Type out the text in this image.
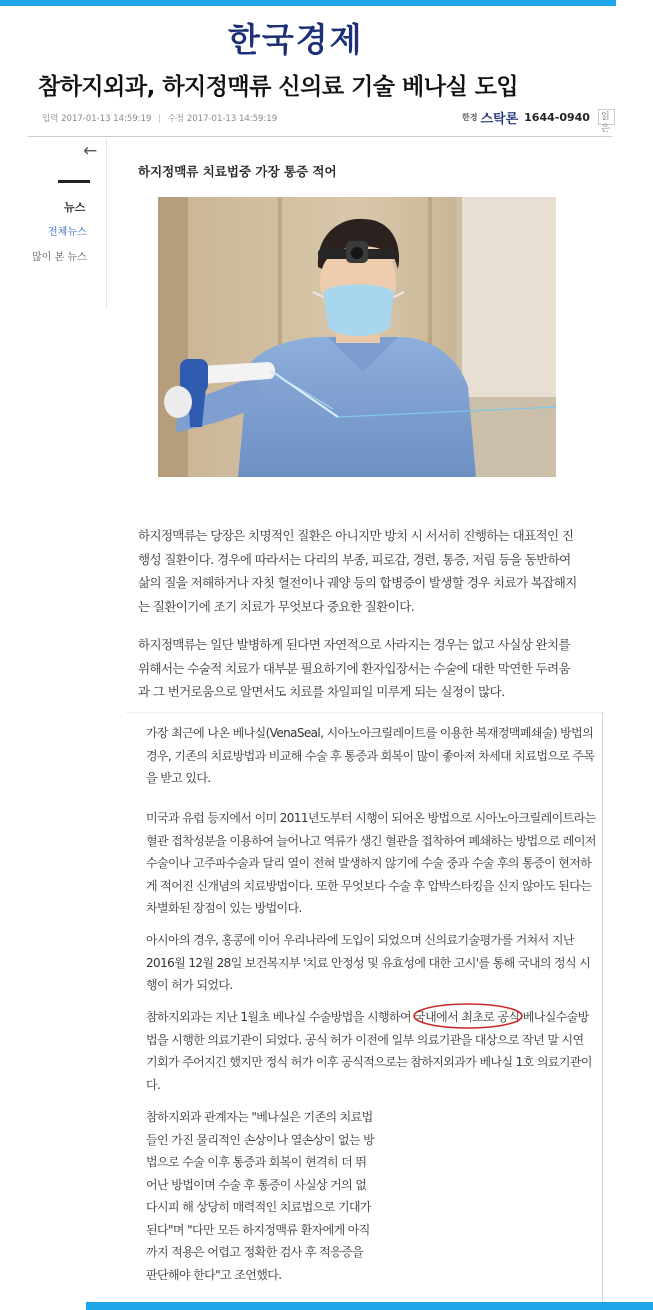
한국경제
참하지외과, 하지정맥류 신의료 기술 베나실 도입
입력 2017-01-13 14:59:19 | 수정 2017-01-13 14:59:19	한경 스탁론 1644-0940	읽은
←
뉴스
전체뉴스
많이 본 뉴스
하지정맥류 치료법중 가장 통증 적어
하지정맥류는 당장은 치명적인 질환은 아니지만 방치 시 서서히 진행하는 대표적인 진행성 질환이다. 경우에 따라서는 다리의 부종, 피로감, 경련, 통증, 저림 등을 동반하여 삶의 질을 저해하거나 자칫 혈전이나 궤양 등의 합병증이 발생할 경우 치료가 복잡해지는 질환이기에 조기 치료가 무엇보다 중요한 질환이다.
하지정맥류는 일단 발병하게 된다면 자연적으로 사라지는 경우는 없고 사실상 완치를 위해서는 수술적 치료가 대부분 필요하기에 환자입장서는 수술에 대한 막연한 두려움과 그 번거로움으로 알면서도 치료를 차일피일 미루게 되는 실정이 많다.
가장 최근에 나온 베나실(VenaSeal, 시아노아크릴레이트를 이용한 복재정맥폐쇄술) 방법의 경우, 기존의 치료방법과 비교해 수술 후 통증과 회복이 많이 좋아져 차세대 치료법으로 주목을 받고 있다.
미국과 유럽 등지에서 이미 2011년도부터 시행이 되어온 방법으로 시아노아크릴레이트라는 혈관 접착성분을 이용하여 늘어나고 역류가 생긴 혈관을 접착하여 폐쇄하는 방법으로 레이저수술이나 고주파수술과 달리 열이 전혀 발생하지 않기에 수술 중과 수술 후의 통증이 현저하게 적어진 신개념의 치료방법이다. 또한 무엇보다 수술 후 압박스타킹을 신지 않아도 된다는 차별화된 장점이 있는 방법이다.
아시아의 경우, 홍콩에 이어 우리나라에 도입이 되었으며 신의료기술평가를 거쳐서 지난 2016월 12월 28일 보건복지부 '치료 안정성 및 유효성에 대한 고시'를 통해 국내의 정식 시행이 허가 되었다.
참하지외과는 지난 1월초 베나실 수술방법을 시행하여 국내에서 최초로 공식 베나실수술방법을 시행한 의료기관이 되었다. 공식 허가 이전에 일부 의료기관을 대상으로 작년 말 시연 기회가 주어지긴 했지만 정식 허가 이후 공식적으로는 참하지외과가 베나실 1호 의료기관이다.
참하지외과 관계자는 "베나실은 기존의 치료법들인 가진 물리적인 손상이나 열손상이 없는 방법으로 수술 이후 통증과 회복이 현격히 더 뛰어난 방법이며 수술 후 통증이 사실상 거의 없다시피 해 상당히 매력적인 치료법으로 기대가 된다"며 "다만 모든 하지정맥류 환자에게 아직까지 적용은 어렵고 정확한 검사 후 적응증을 판단해야 한다"고 조언했다.
